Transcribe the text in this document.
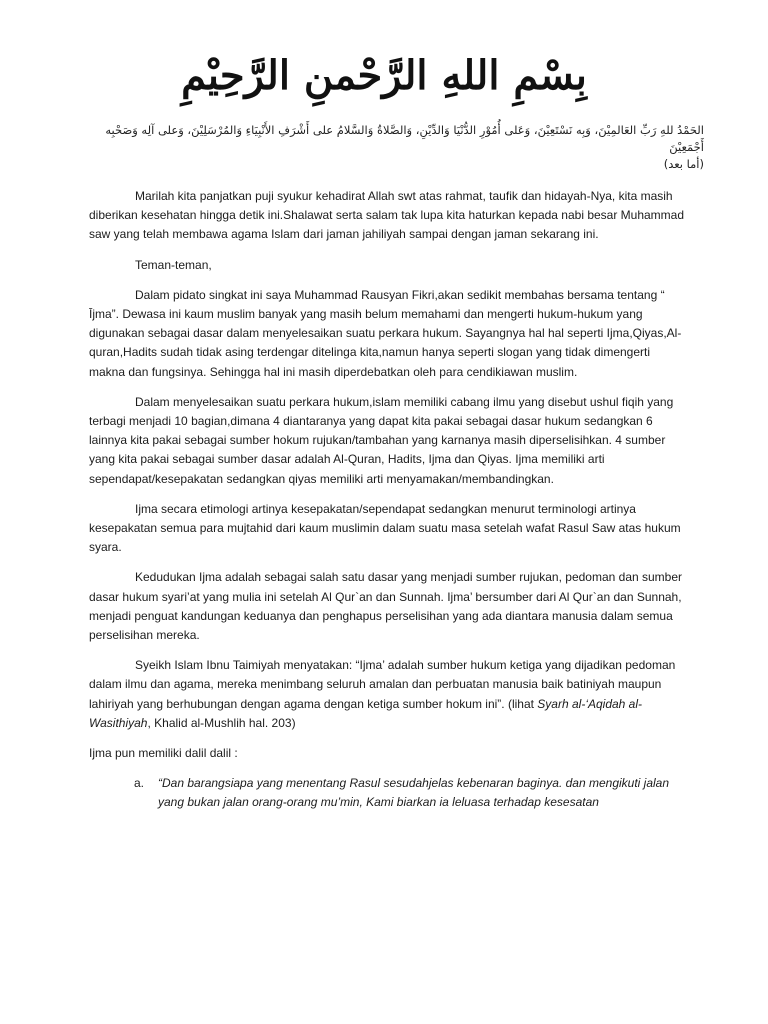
بِسْمِ اللهِ الرَّحْمنِ الرَّحِيْمِ
الحَمْدُ للهِ رَبِّ العَالمِيْنَ، وَبِه نَسْتَعِيْنَ، وَعَلى أُمُوْرِ الدُّنْيَا وَالدِّيْنِ، وَالصَّلاةُ وَالسَّلامُ على أَشْرَفِ الأَنْبِيَاءِ وَالمُرْسَلِيْنَ، وَعلى آلِه وَصَحْبِه أَجْمَعِيْنَ
(أما بعد)

Marilah kita panjatkan puji syukur kehadirat Allah swt atas rahmat, taufik dan hidayah-Nya, kita masih diberikan kesehatan hingga detik ini.Shalawat serta salam tak lupa kita haturkan kepada nabi besar Muhammad saw yang telah membawa agama Islam dari jaman jahiliyah sampai dengan jaman sekarang ini.

Teman-teman,

Dalam pidato singkat ini saya Muhammad Rausyan Fikri,akan sedikit membahas bersama tentang “ Ījma”. Dewasa ini kaum muslim banyak yang masih belum memahami dan mengerti hukum-hukum yang digunakan sebagai dasar dalam menyelesaikan suatu perkara hukum. Sayangnya hal hal seperti Ijma,Qiyas,Al-quran,Hadits sudah tidak asing terdengar ditelinga kita,namun hanya seperti slogan yang tidak dimengerti makna dan fungsinya. Sehingga hal ini masih diperdebatkan oleh para cendikiawan muslim.

Dalam menyelesaikan suatu perkara hukum,islam memiliki cabang ilmu yang disebut ushul fiqih yang terbagi menjadi 10 bagian,dimana 4 diantaranya yang dapat kita pakai sebagai dasar hukum sedangkan 6 lainnya kita pakai sebagai sumber hokum rujukan/tambahan yang karnanya masih diperselisihkan. 4 sumber yang kita pakai sebagai sumber dasar adalah Al-Quran, Hadits, Ijma dan Qiyas. Ijma memiliki arti sependapat/kesepakatan sedangkan qiyas memiliki arti menyamakan/membandingkan.

Ijma secara etimologi artinya kesepakatan/sependapat sedangkan menurut terminologi artinya kesepakatan semua para mujtahid dari kaum muslimin dalam suatu masa setelah wafat Rasul Saw atas hukum syara.

Kedudukan Ijma adalah sebagai salah satu dasar yang menjadi sumber rujukan, pedoman dan sumber dasar hukum syari’at yang mulia ini setelah Al Qur`an dan Sunnah. Ijma’ bersumber dari Al Qur`an dan Sunnah, menjadi penguat kandungan keduanya dan penghapus perselisihan yang ada diantara manusia dalam semua perselisihan mereka.

Syeikh Islam Ibnu Taimiyah menyatakan: “Ijma’ adalah sumber hukum ketiga yang dijadikan pedoman dalam ilmu dan agama, mereka menimbang seluruh amalan dan perbuatan manusia baik batiniyah maupun lahiriyah yang berhubungan dengan agama dengan ketiga sumber hokum ini”. (lihat Syarh al-‘Aqidah al-Wasithiyah, Khalid al-Mushlih hal. 203)

Ijma pun memiliki dalil dalil :

a.	“Dan barangsiapa yang menentang Rasul sesudahjelas kebenaran baginya. dan mengikuti jalan yang bukan jalan orang-orang mu’min, Kami biarkan ia leluasa terhadap kesesatan
